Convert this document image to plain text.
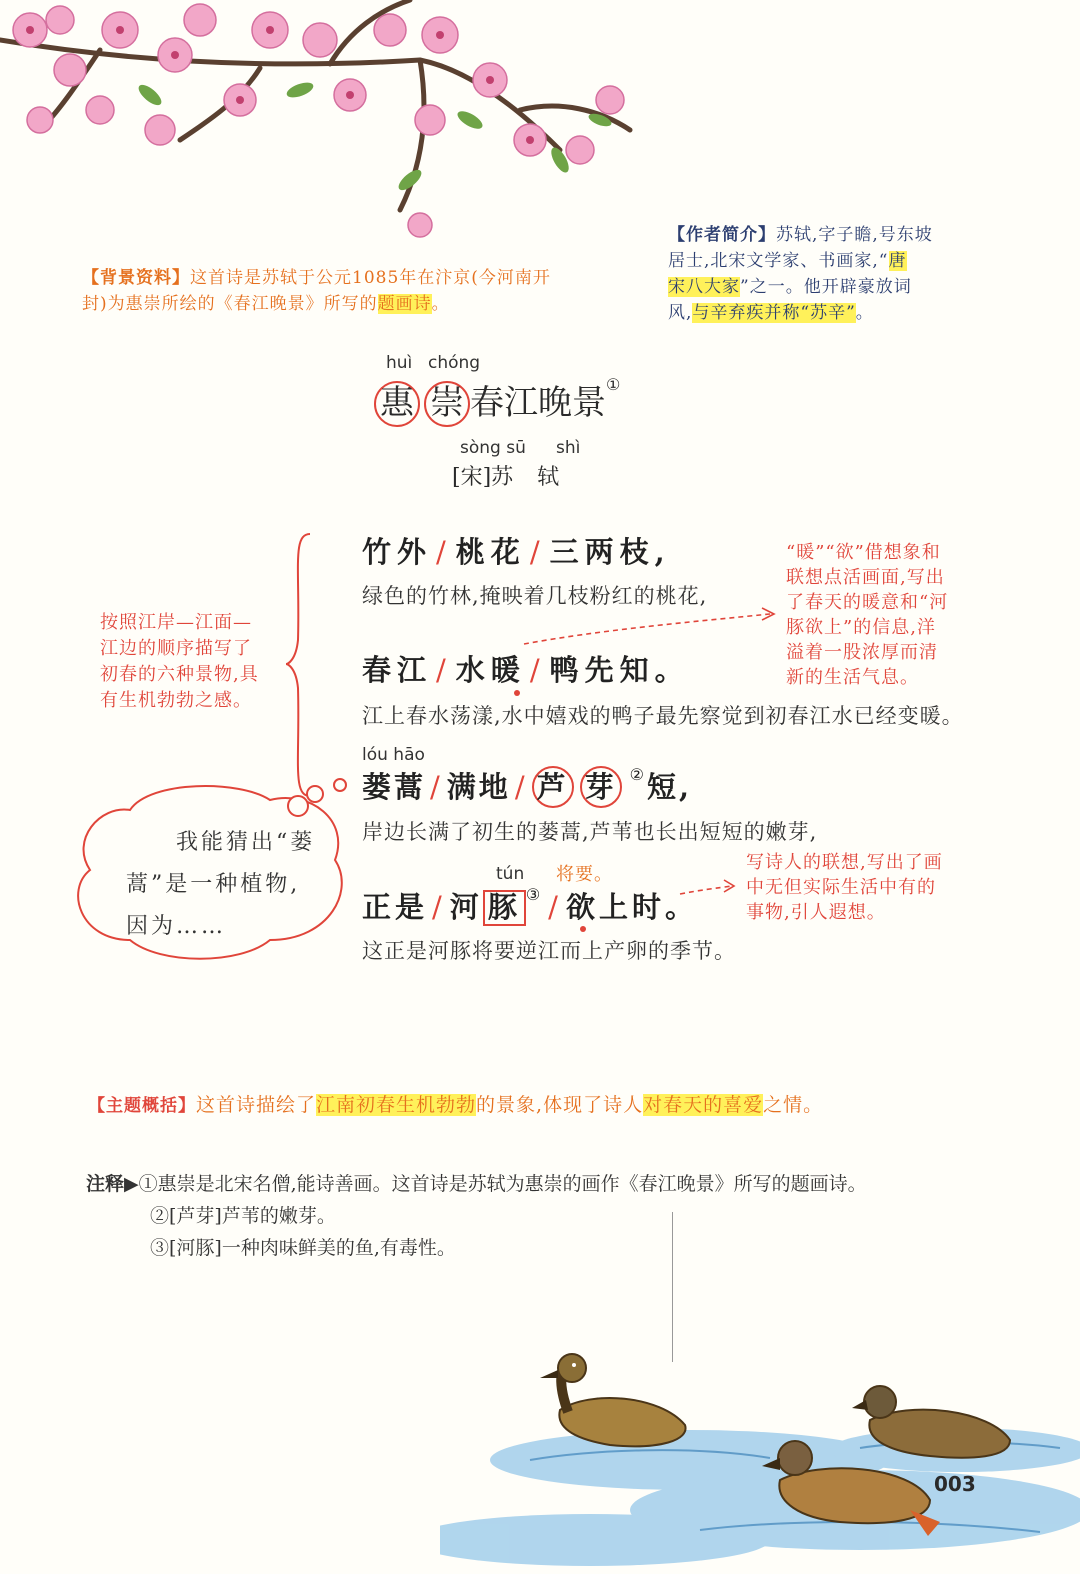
【背景资料】这首诗是苏轼于公元1085年在汴京(今河南开
封)为惠崇所绘的《春江晚景》所写的题画诗。
【作者简介】苏轼,字子瞻,号东坡
居士,北宋文学家、书画家,“唐
宋八大家”之一。他开辟豪放词
风,与辛弃疾并称“苏辛”。
huì chóng
惠 崇 春江晚景①
sòng sū shì
[宋]苏 轼
按照江岸—江面—
江边的顺序描写了
初春的六种景物,具
有生机勃勃之感。
竹外 / 桃花 / 三两枝,
绿色的竹林,掩映着几枝粉红的桃花,
春江 / 水暖 / 鸭先知。
江上春水荡漾,水中嬉戏的鸭子最先察觉到初春江水已经变暖。
“暖”“欲”借想象和
联想点活画面,写出
了春天的暖意和“河
豚欲上”的信息,洋
溢着一股浓厚而清
新的生活气息。
lóu hāo
蒌蒿 / 满地 / 芦 芽 ②短,
岸边长满了初生的蒌蒿,芦苇也长出短短的嫩芽,
我能猜出“蒌
蒿”是一种植物,
因为……
tún 将要。
正是 / 河 豚 ③ / 欲上时。
这正是河豚将要逆江而上产卵的季节。
写诗人的联想,写出了画
中无但实际生活中有的
事物,引人遐想。
【主题概括】这首诗描绘了江南初春生机勃勃的景象,体现了诗人对春天的喜爱之情。
注释▶①惠崇是北宋名僧,能诗善画。这首诗是苏轼为惠崇的画作《春江晚景》所写的题画诗。
②[芦芽]芦苇的嫩芽。
③[河豚]一种肉味鲜美的鱼,有毒性。
003
